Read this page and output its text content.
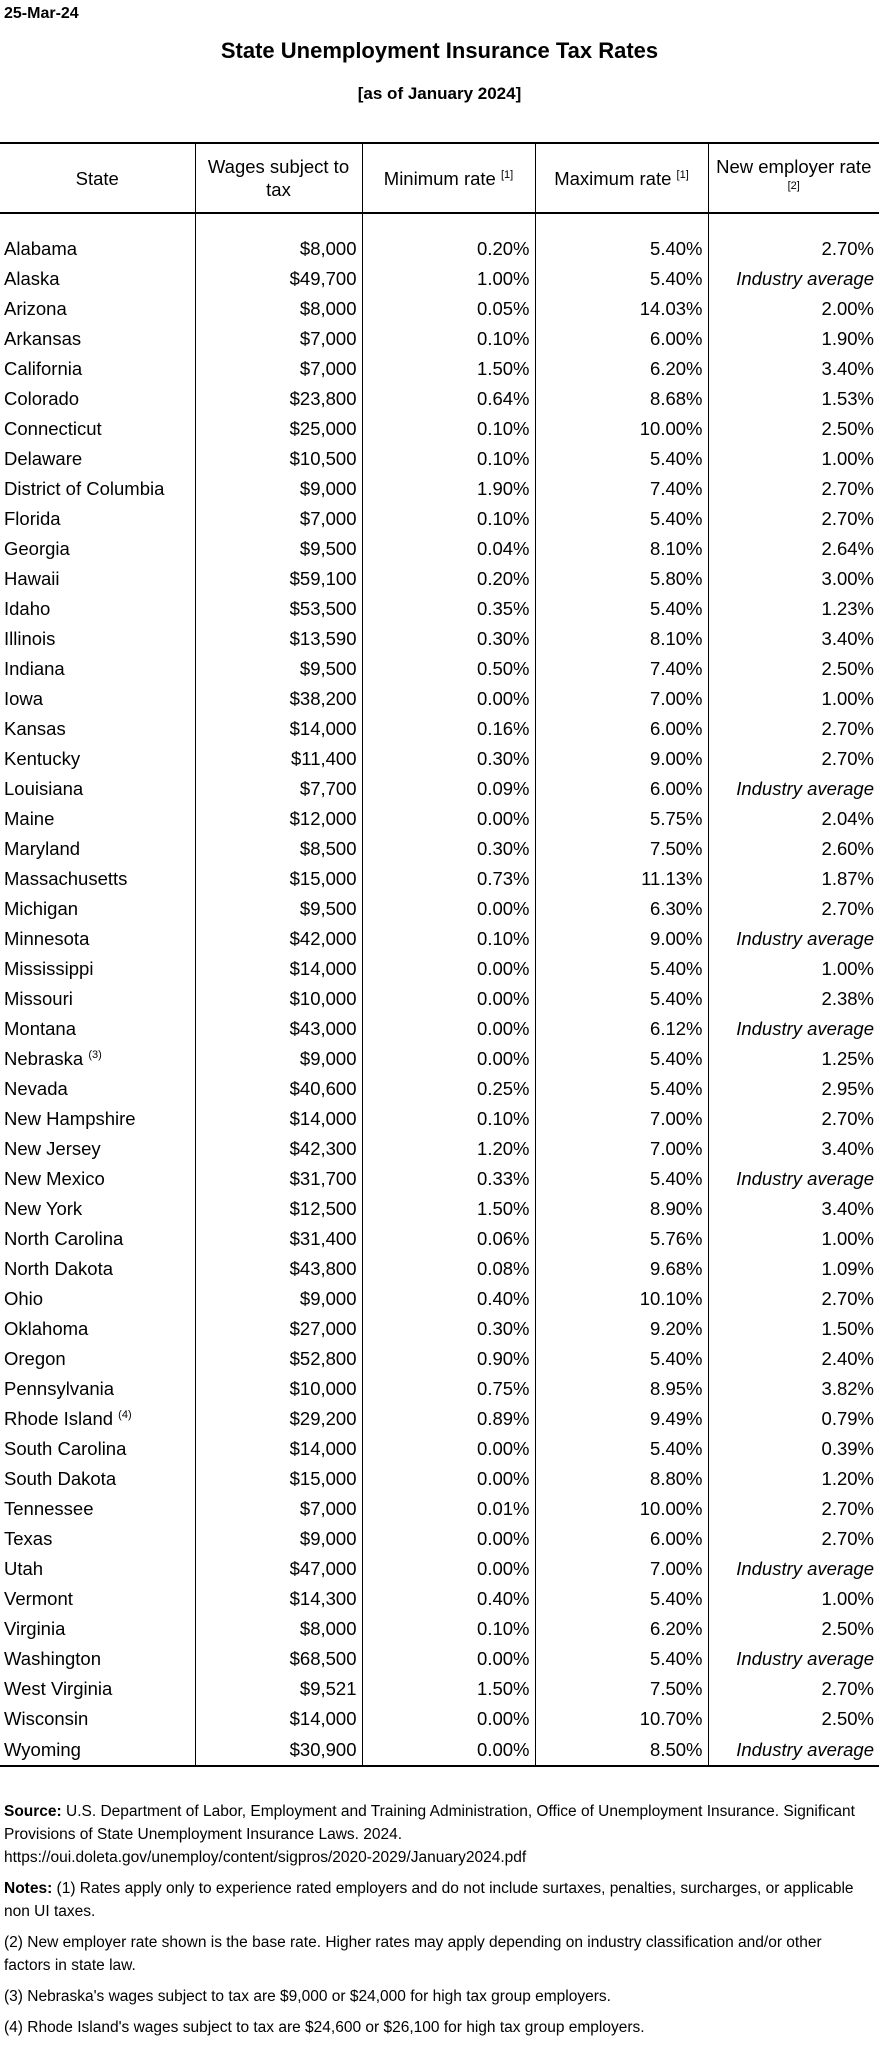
25-Mar-24
State Unemployment Insurance Tax Rates
[as of January 2024]
State	Wages subject to tax	Minimum rate [1]	Maximum rate [1]	New employer rate [2]

Alabama	$8,000	0.20%	5.40%	2.70%
Alaska	$49,700	1.00%	5.40%	Industry average
Arizona	$8,000	0.05%	14.03%	2.00%
Arkansas	$7,000	0.10%	6.00%	1.90%
California	$7,000	1.50%	6.20%	3.40%
Colorado	$23,800	0.64%	8.68%	1.53%
Connecticut	$25,000	0.10%	10.00%	2.50%
Delaware	$10,500	0.10%	5.40%	1.00%
District of Columbia	$9,000	1.90%	7.40%	2.70%
Florida	$7,000	0.10%	5.40%	2.70%
Georgia	$9,500	0.04%	8.10%	2.64%
Hawaii	$59,100	0.20%	5.80%	3.00%
Idaho	$53,500	0.35%	5.40%	1.23%
Illinois	$13,590	0.30%	8.10%	3.40%
Indiana	$9,500	0.50%	7.40%	2.50%
Iowa	$38,200	0.00%	7.00%	1.00%
Kansas	$14,000	0.16%	6.00%	2.70%
Kentucky	$11,400	0.30%	9.00%	2.70%
Louisiana	$7,700	0.09%	6.00%	Industry average
Maine	$12,000	0.00%	5.75%	2.04%
Maryland	$8,500	0.30%	7.50%	2.60%
Massachusetts	$15,000	0.73%	11.13%	1.87%
Michigan	$9,500	0.00%	6.30%	2.70%
Minnesota	$42,000	0.10%	9.00%	Industry average
Mississippi	$14,000	0.00%	5.40%	1.00%
Missouri	$10,000	0.00%	5.40%	2.38%
Montana	$43,000	0.00%	6.12%	Industry average
Nebraska $^{(3)}$	$9,000	0.00%	5.40%	1.25%
Nevada	$40,600	0.25%	5.40%	2.95%
New Hampshire	$14,000	0.10%	7.00%	2.70%
New Jersey	$42,300	1.20%	7.00%	3.40%
New Mexico	$31,700	0.33%	5.40%	Industry average
New York	$12,500	1.50%	8.90%	3.40%
North Carolina	$31,400	0.06%	5.76%	1.00%
North Dakota	$43,800	0.08%	9.68%	1.09%
Ohio	$9,000	0.40%	10.10%	2.70%
Oklahoma	$27,000	0.30%	9.20%	1.50%
Oregon	$52,800	0.90%	5.40%	2.40%
Pennsylvania	$10,000	0.75%	8.95%	3.82%
Rhode Island $^{(4)}$	$29,200	0.89%	9.49%	0.79%
South Carolina	$14,000	0.00%	5.40%	0.39%
South Dakota	$15,000	0.00%	8.80%	1.20%
Tennessee	$7,000	0.01%	10.00%	2.70%
Texas	$9,000	0.00%	6.00%	2.70%
Utah	$47,000	0.00%	7.00%	Industry average
Vermont	$14,300	0.40%	5.40%	1.00%
Virginia	$8,000	0.10%	6.20%	2.50%
Washington	$68,500	0.00%	5.40%	Industry average
West Virginia	$9,521	1.50%	7.50%	2.70%
Wisconsin	$14,000	0.00%	10.70%	2.50%
Wyoming	$30,900	0.00%	8.50%	Industry average

Source: U.S. Department of Labor, Employment and Training Administration, Office of Unemployment Insurance. Significant Provisions of State Unemployment Insurance Laws. 2024.
https://oui.doleta.gov/unemploy/content/sigpros/2020-2029/January2024.pdf

Notes: (1) Rates apply only to experience rated employers and do not include surtaxes, penalties, surcharges, or applicable non UI taxes.

(2) New employer rate shown is the base rate. Higher rates may apply depending on industry classification and/or other factors in state law.

(3) Nebraska's wages subject to tax are $9,000 or $24,000 for high tax group employers.

(4) Rhode Island's wages subject to tax are $24,600 or $26,100 for high tax group employers.
